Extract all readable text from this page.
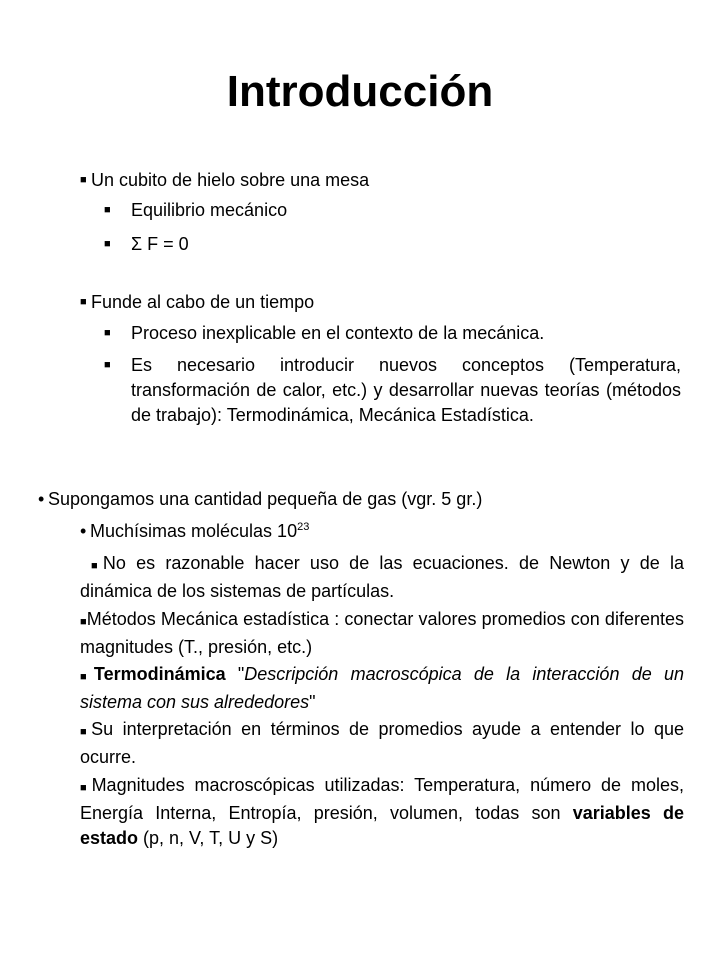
Introducción
■ Un cubito de hielo sobre una mesa
■ Equilibrio mecánico
■ Σ F = 0
■ Funde al cabo de un tiempo
■ Proceso inexplicable en el contexto de la mecánica.
■ Es necesario introducir nuevos conceptos (Temperatura, transformación de calor, etc.) y desarrollar nuevas teorías (métodos de trabajo): Termodinámica, Mecánica Estadística.
• Supongamos una cantidad pequeña de gas (vgr. 5 gr.)
• Muchísimas moléculas $10^{23}$
■No es razonable hacer uso de las ecuaciones. de Newton y de la dinámica de los sistemas de partículas.
■Métodos Mecánica estadística : conectar valores promedios con diferentes magnitudes (T., presión, etc.)
■Termodinámica "Descripción macroscópica de la interacción de un sistema con sus alrededores"
■Su interpretación en términos de promedios ayude a entender lo que ocurre.
■Magnitudes macroscópicas utilizadas: Temperatura, número de moles, Energía Interna, Entropía, presión, volumen, todas son variables de estado (p, n, V, T, U y S)
